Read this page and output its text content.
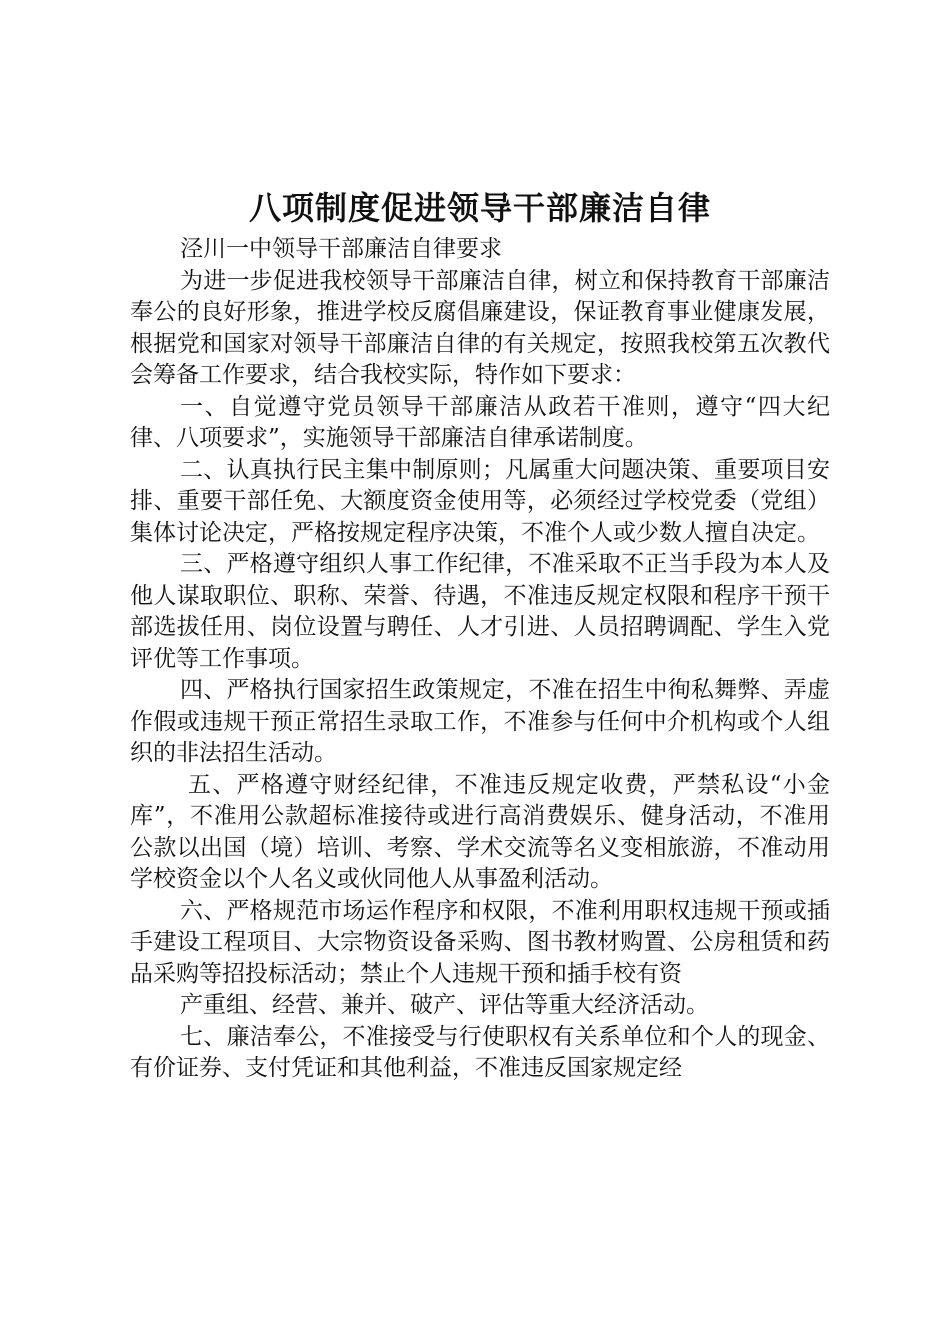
八项制度促进领导干部廉洁自律

泾川一中领导干部廉洁自律要求

为进一步促进我校领导干部廉洁自律，树立和保持教育干部廉洁奉公的良好形象，推进学校反腐倡廉建设，保证教育事业健康发展，根据党和国家对领导干部廉洁自律的有关规定，按照我校第五次教代会筹备工作要求，结合我校实际，特作如下要求：

一、自觉遵守党员领导干部廉洁从政若干准则，遵守“四大纪律、八项要求”，实施领导干部廉洁自律承诺制度。

二、认真执行民主集中制原则；凡属重大问题决策、重要项目安排、重要干部任免、大额度资金使用等，必须经过学校党委（党组）集体讨论决定，严格按规定程序决策，不准个人或少数人擅自决定。

三、严格遵守组织人事工作纪律，不准采取不正当手段为本人及他人谋取职位、职称、荣誉、待遇，不准违反规定权限和程序干预干部选拔任用、岗位设置与聘任、人才引进、人员招聘调配、学生入党评优等工作事项。

四、严格执行国家招生政策规定，不准在招生中徇私舞弊、弄虚作假或违规干预正常招生录取工作，不准参与任何中介机构或个人组织的非法招生活动。

五、严格遵守财经纪律，不准违反规定收费，严禁私设“小金库”，不准用公款超标准接待或进行高消费娱乐、健身活动，不准用公款以出国（境）培训、考察、学术交流等名义变相旅游，不准动用学校资金以个人名义或伙同他人从事盈利活动。

六、严格规范市场运作程序和权限，不准利用职权违规干预或插手建设工程项目、大宗物资设备采购、图书教材购置、公房租赁和药品采购等招投标活动；禁止个人违规干预和插手校有资

产重组、经营、兼并、破产、评估等重大经济活动。

七、廉洁奉公，不准接受与行使职权有关系单位和个人的现金、有价证券、支付凭证和其他利益，不准违反国家规定经
